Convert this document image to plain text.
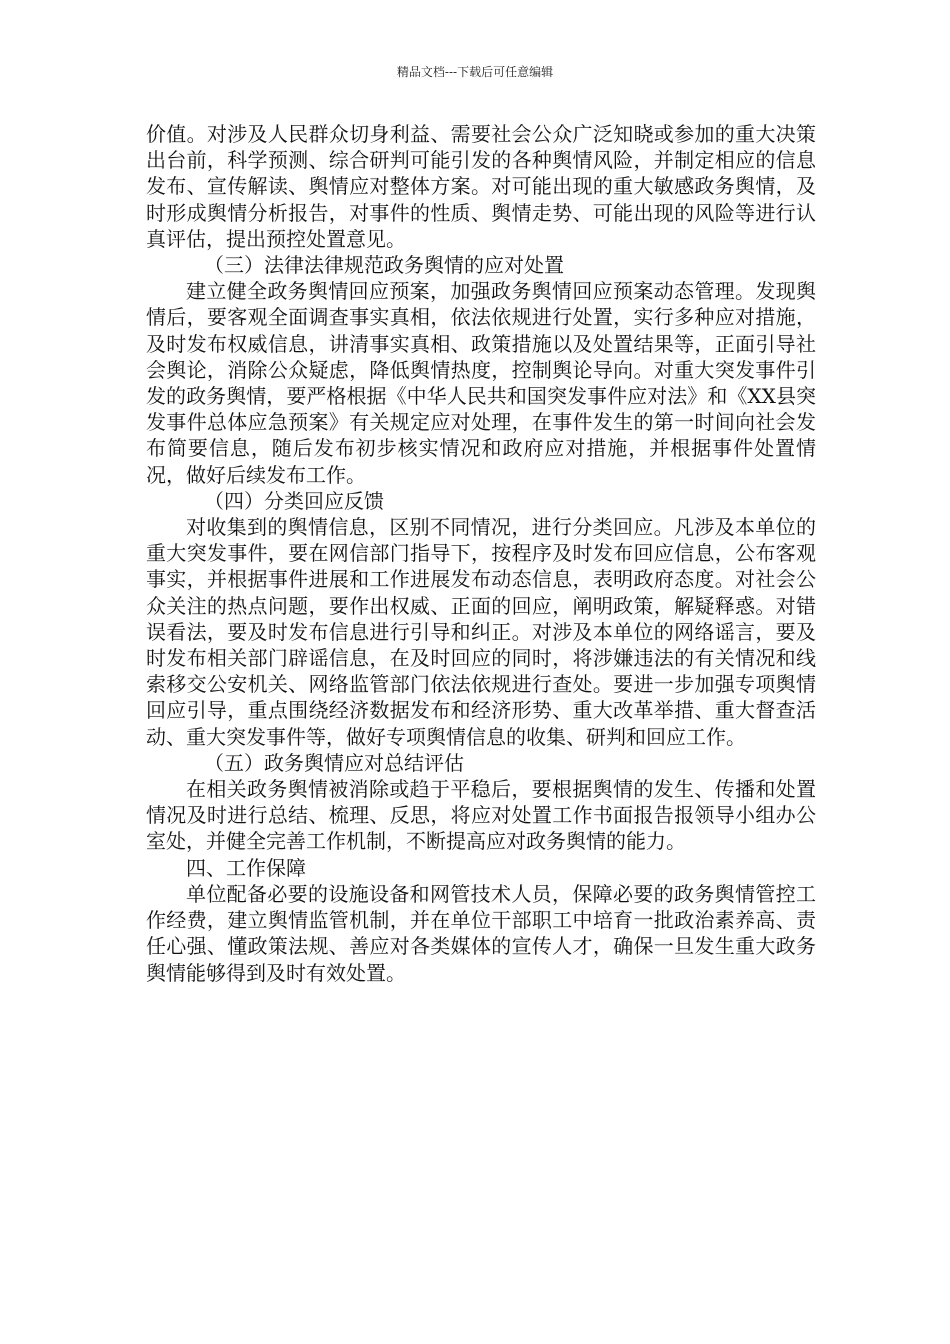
精品文档---下载后可任意编辑

价值。对涉及人民群众切身利益、需要社会公众广泛知晓或参加的重大决策出台前，科学预测、综合研判可能引发的各种舆情风险，并制定相应的信息发布、宣传解读、舆情应对整体方案。对可能出现的重大敏感政务舆情，及时形成舆情分析报告，对事件的性质、舆情走势、可能出现的风险等进行认真评估，提出预控处置意见。

（三）法律法律规范政务舆情的应对处置

建立健全政务舆情回应预案，加强政务舆情回应预案动态管理。发现舆情后，要客观全面调查事实真相，依法依规进行处置，实行多种应对措施，及时发布权威信息，讲清事实真相、政策措施以及处置结果等，正面引导社会舆论，消除公众疑虑，降低舆情热度，控制舆论导向。对重大突发事件引发的政务舆情，要严格根据《中华人民共和国突发事件应对法》和《XX县突发事件总体应急预案》有关规定应对处理，在事件发生的第一时间向社会发布简要信息，随后发布初步核实情况和政府应对措施，并根据事件处置情况，做好后续发布工作。

（四）分类回应反馈

对收集到的舆情信息，区别不同情况，进行分类回应。凡涉及本单位的重大突发事件，要在网信部门指导下，按程序及时发布回应信息，公布客观事实，并根据事件进展和工作进展发布动态信息，表明政府态度。对社会公众关注的热点问题，要作出权威、正面的回应，阐明政策，解疑释惑。对错误看法，要及时发布信息进行引导和纠正。对涉及本单位的网络谣言，要及时发布相关部门辟谣信息，在及时回应的同时，将涉嫌违法的有关情况和线索移交公安机关、网络监管部门依法依规进行查处。要进一步加强专项舆情回应引导，重点围绕经济数据发布和经济形势、重大改革举措、重大督查活动、重大突发事件等，做好专项舆情信息的收集、研判和回应工作。

（五）政务舆情应对总结评估

在相关政务舆情被消除或趋于平稳后，要根据舆情的发生、传播和处置情况及时进行总结、梳理、反思，将应对处置工作书面报告报领导小组办公室处，并健全完善工作机制，不断提高应对政务舆情的能力。

四、工作保障

单位配备必要的设施设备和网管技术人员，保障必要的政务舆情管控工作经费，建立舆情监管机制，并在单位干部职工中培育一批政治素养高、责任心强、懂政策法规、善应对各类媒体的宣传人才，确保一旦发生重大政务舆情能够得到及时有效处置。
